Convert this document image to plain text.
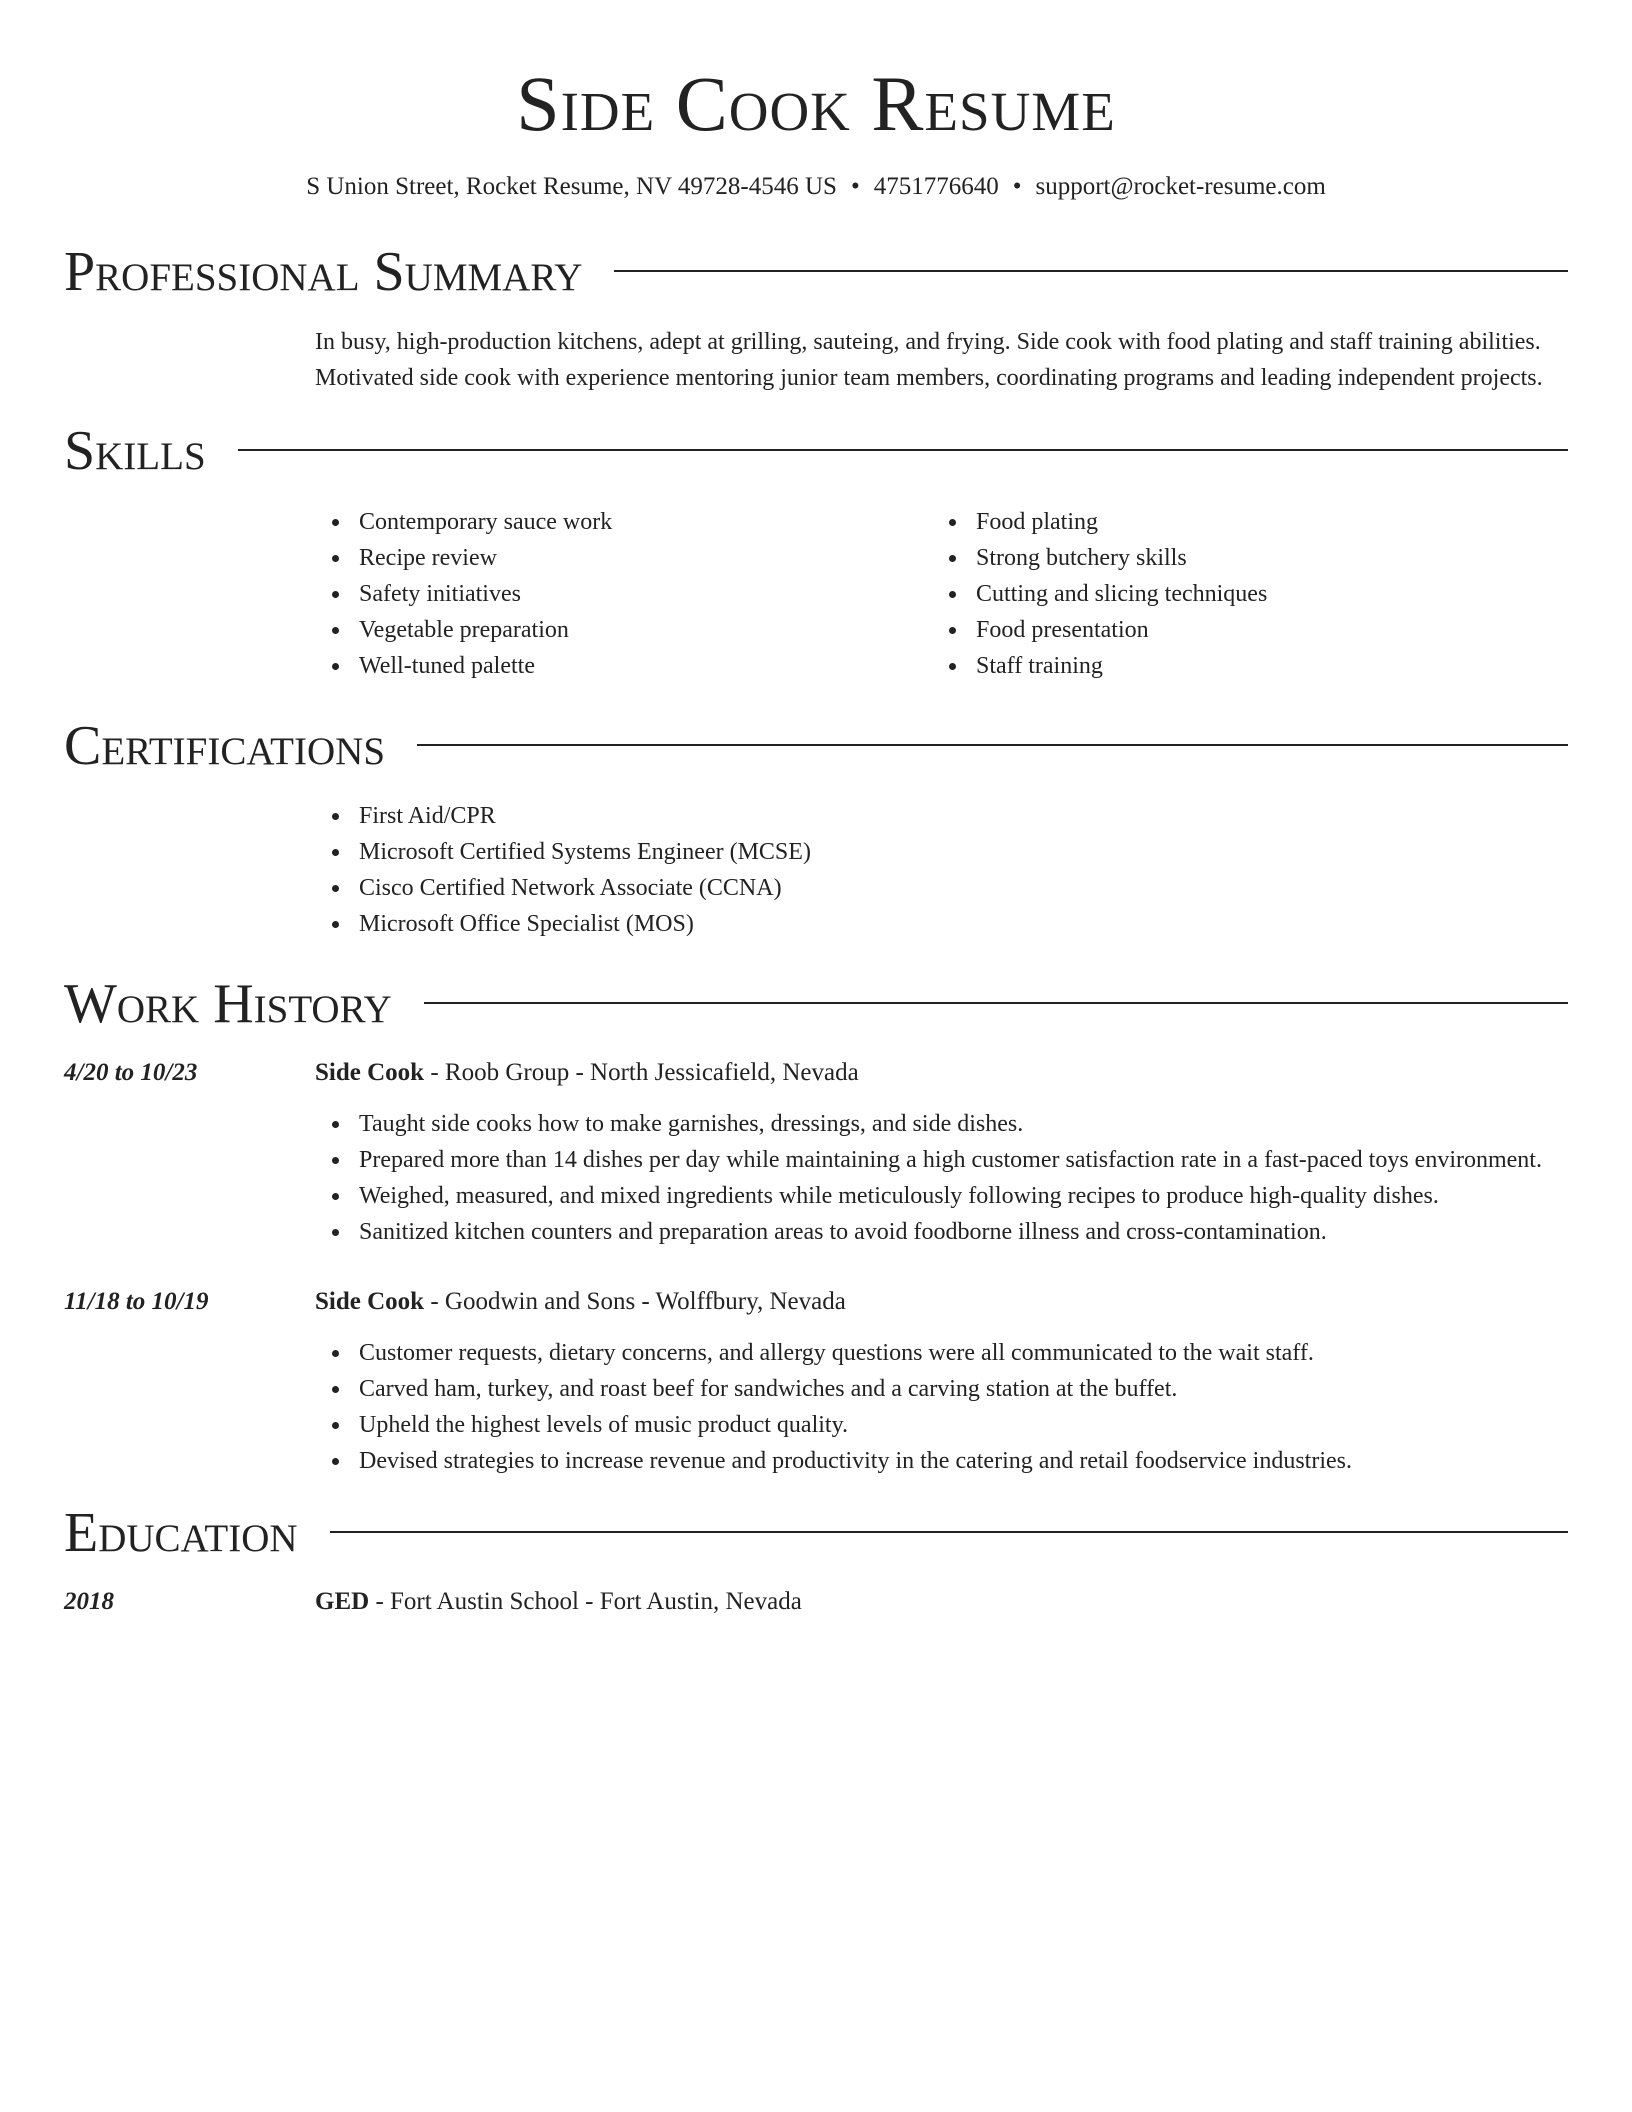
Side Cook Resume
S Union Street, Rocket Resume, NV 49728-4546 US • 4751776640 • support@rocket-resume.com
Professional Summary

In busy, high-production kitchens, adept at grilling, sauteing, and frying. Side cook with food plating and staff training abilities. Motivated side cook with experience mentoring junior team members, coordinating programs and leading independent projects.

Skills
Contemporary sauce work
Recipe review
Safety initiatives
Vegetable preparation
Well-tuned palette
Food plating
Strong butchery skills
Cutting and slicing techniques
Food presentation
Staff training
Certifications
First Aid/CPR
Microsoft Certified Systems Engineer (MCSE)
Cisco Certified Network Associate (CCNA)
Microsoft Office Specialist (MOS)
Work History
4/20 to 10/23	Side Cook - Roob Group - North Jessicafield, Nevada
Taught side cooks how to make garnishes, dressings, and side dishes.
Prepared more than 14 dishes per day while maintaining a high customer satisfaction rate in a fast-paced toys environment.
Weighed, measured, and mixed ingredients while meticulously following recipes to produce high-quality dishes.
Sanitized kitchen counters and preparation areas to avoid foodborne illness and cross-contamination.
11/18 to 10/19	Side Cook - Goodwin and Sons - Wolffbury, Nevada
Customer requests, dietary concerns, and allergy questions were all communicated to the wait staff.
Carved ham, turkey, and roast beef for sandwiches and a carving station at the buffet.
Upheld the highest levels of music product quality.
Devised strategies to increase revenue and productivity in the catering and retail foodservice industries.
Education
2018	GED - Fort Austin School - Fort Austin, Nevada
